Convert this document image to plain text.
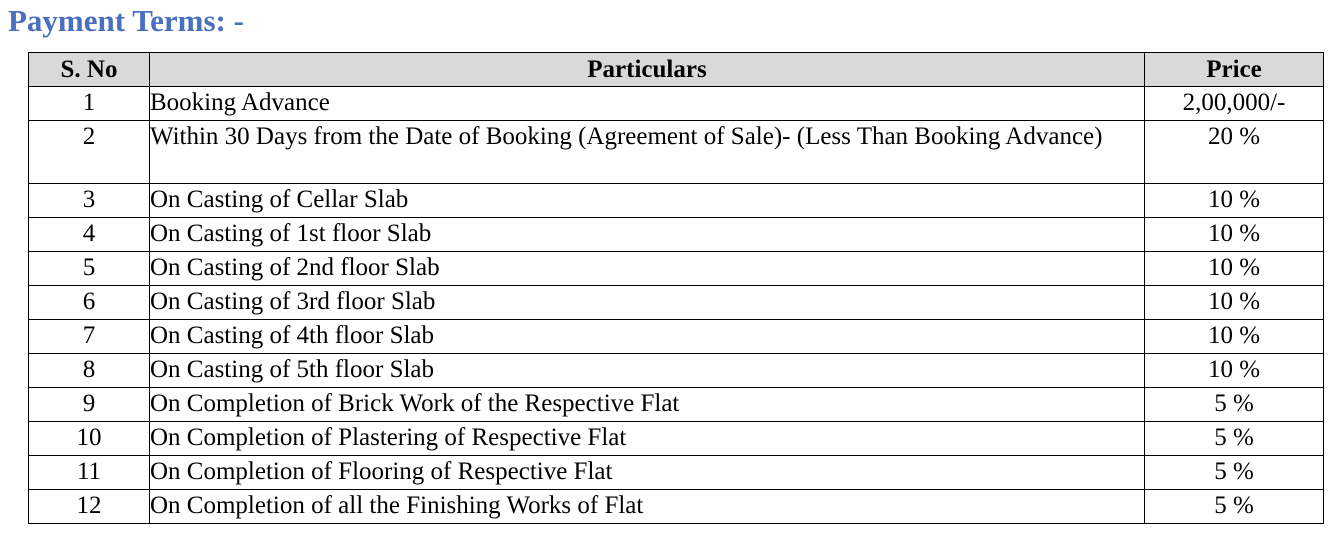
Payment Terms: -
S. No	Particulars	Price
1	Booking Advance	2,00,000/-
2	Within 30 Days from the Date of Booking (Agreement of Sale)- (Less Than Booking Advance)	20 %
3	On Casting of Cellar Slab	10 %
4	On Casting of 1st floor Slab	10 %
5	On Casting of 2nd floor Slab	10 %
6	On Casting of 3rd floor Slab	10 %
7	On Casting of 4th floor Slab	10 %
8	On Casting of 5th floor Slab	10 %
9	On Completion of Brick Work of the Respective Flat	5 %
10	On Completion of Plastering of Respective Flat	5 %
11	On Completion of Flooring of Respective Flat	5 %
12	On Completion of all the Finishing Works of Flat	5 %
